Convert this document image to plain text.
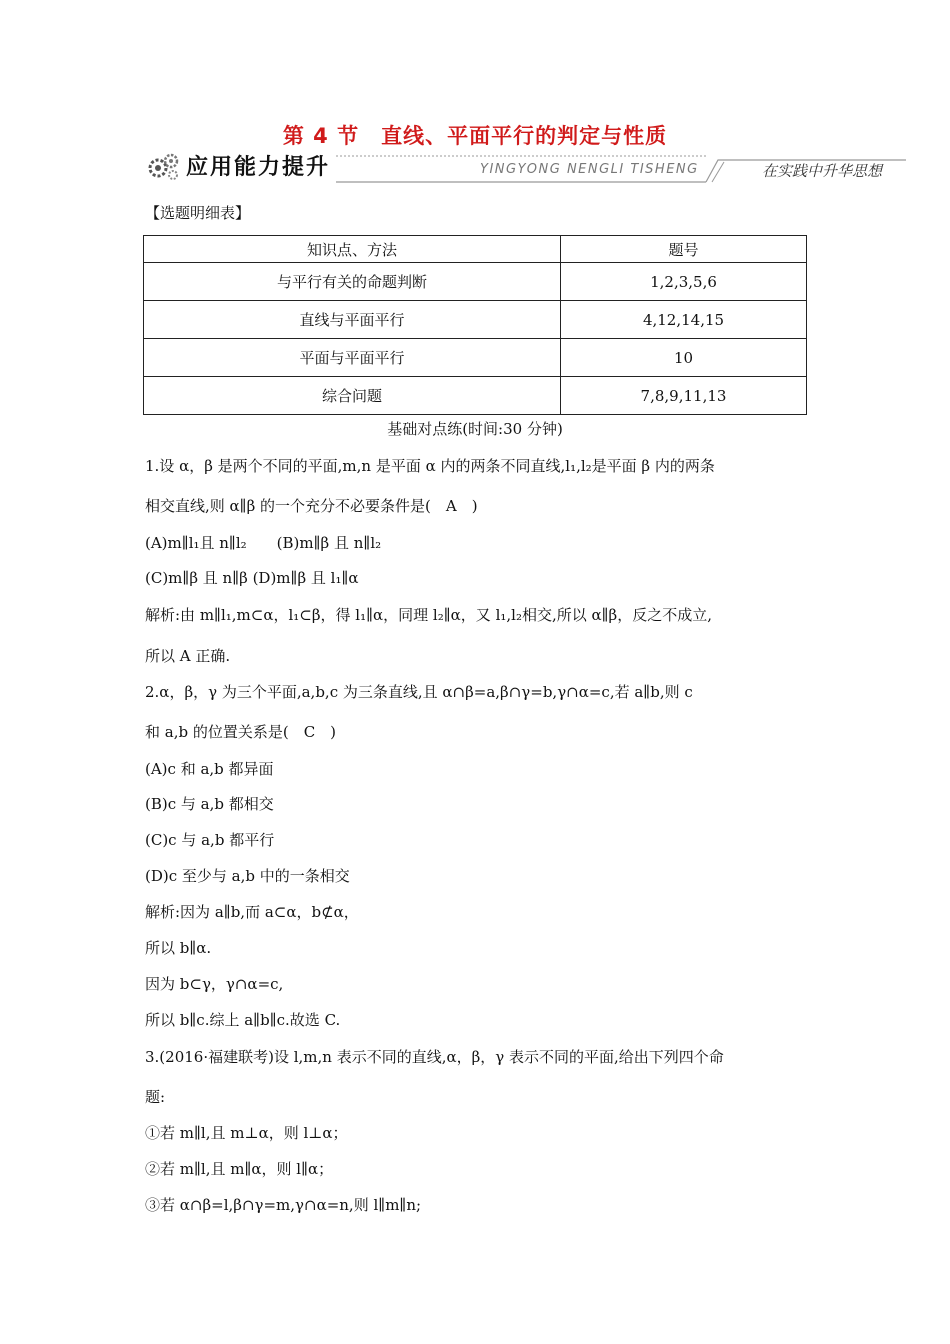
第 4 节　直线、平面平行的判定与性质
应用能力提升	YINGYONG NENGLI TISHENG	在实践中升华思想
【选题明细表】
知识点、方法	题号
与平行有关的命题判断	1,2,3,5,6
直线与平面平行	4,12,14,15
平面与平面平行	10
综合问题	7,8,9,11,13
基础对点练(时间:30 分钟)
1.设 α，β 是两个不同的平面,m,n 是平面 α 内的两条不同直线,l₁,l₂是平面 β 内的两条
相交直线,则 α∥β 的一个充分不必要条件是(　A　)
(A)m∥l₁且 n∥l₂　　(B)m∥β 且 n∥l₂
(C)m∥β 且 n∥β (D)m∥β 且 l₁∥α
解析:由 m∥l₁,m⊂α，l₁⊂β，得 l₁∥α，同理 l₂∥α，又 l₁,l₂相交,所以 α∥β，反之不成立,
所以 A 正确.
2.α，β，γ 为三个平面,a,b,c 为三条直线,且 α∩β=a,β∩γ=b,γ∩α=c,若 a∥b,则 c
和 a,b 的位置关系是(　C　)
(A)c 和 a,b 都异面
(B)c 与 a,b 都相交
(C)c 与 a,b 都平行
(D)c 至少与 a,b 中的一条相交
解析:因为 a∥b,而 a⊂α，b⊄α，
所以 b∥α.
因为 b⊂γ，γ∩α=c,
所以 b∥c.综上 a∥b∥c.故选 C.
3.(2016·福建联考)设 l,m,n 表示不同的直线,α，β，γ 表示不同的平面,给出下列四个命
题:
①若 m∥l,且 m⊥α，则 l⊥α；
②若 m∥l,且 m∥α，则 l∥α；
③若 α∩β=l,β∩γ=m,γ∩α=n,则 l∥m∥n;
